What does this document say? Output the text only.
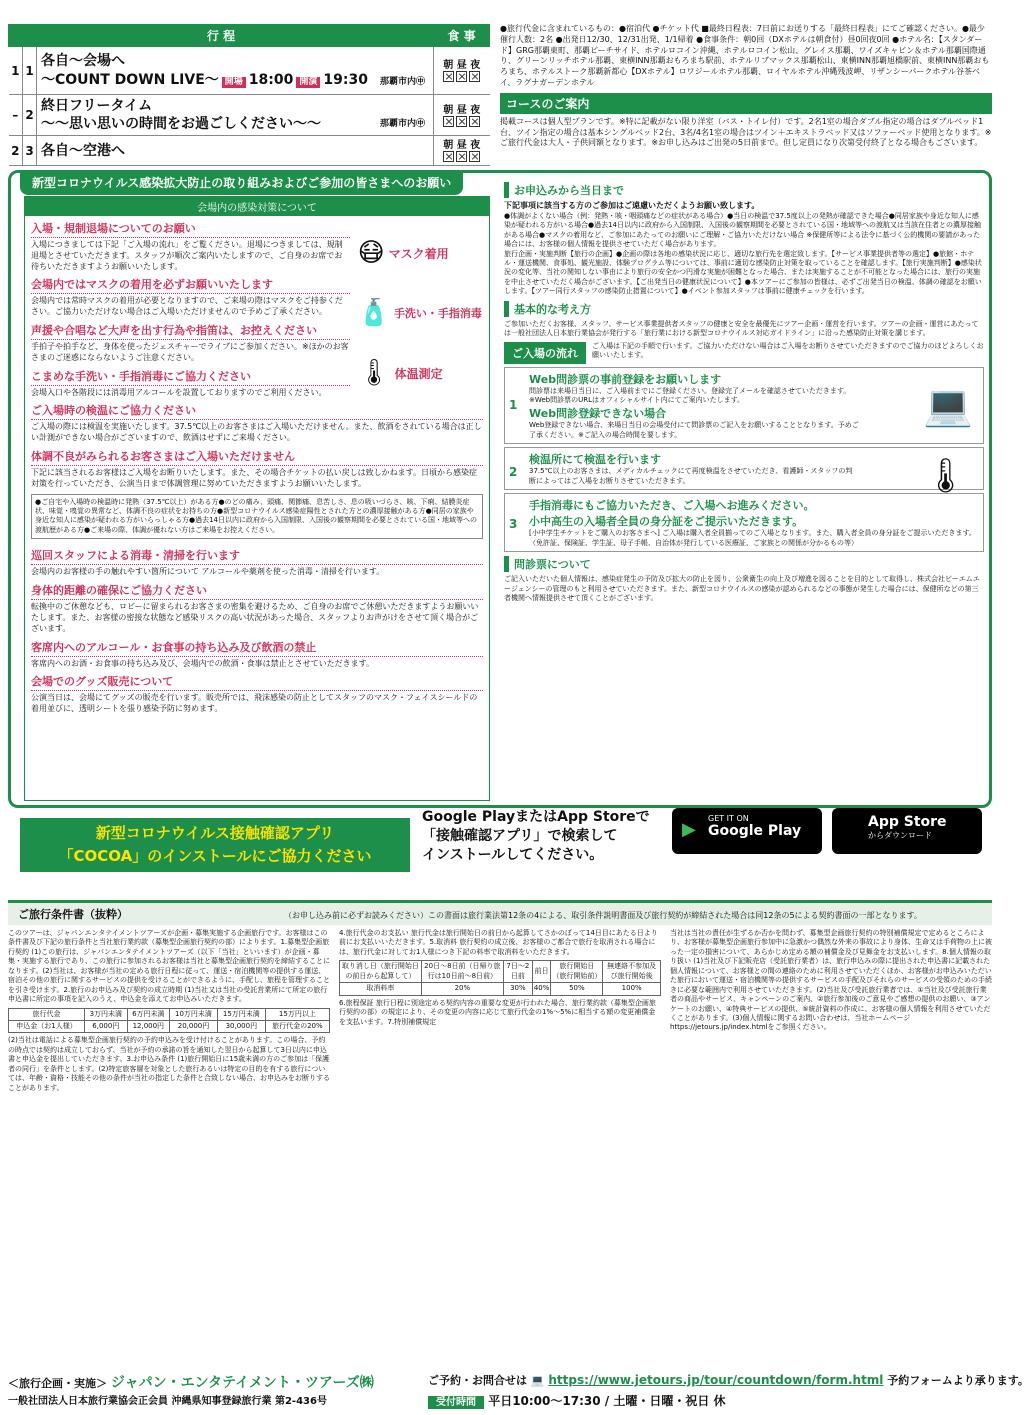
行 程			食 事
1	1	各自～会場へ
～COUNT DOWN LIVE～ 開場 18:00 開演 19:30 那覇市内㊥	朝 昼 夜

–	2	終日フリータイム
～～思い思いの時間をお過ごしください～～ 那覇市内㊥	朝 昼 夜

2	3	各自～空港へ	朝 昼 夜

●旅行代金に含まれているもの：●宿泊代 ●チケット代 ■最終日程表：7日前にお送りする「最終日程表」にてご確認ください。●最少催行人数：2名 ●出発日12/30、12/31出発、1/1帰着 ●食事条件：朝0回（DXホテルは朝食付）昼0回夜0回 ●ホテル名：【スタンダード】GRG那覇東町、那覇ビーチサイド、ホテルロコイン沖縄、ホテルロコイン松山、グレイス那覇、ワイズキャビン＆ホテル那覇国際通り、グリーンリッチホテル那覇、東横INN那覇おもろまち駅前、ホテルリブマックス那覇松山、東横INN那覇旭橋駅前、東横INN那覇おもろまち、ホテルストーク那覇新都心【DXホテル】ロワジールホテル那覇、ロイヤルホテル沖縄残波岬、リザンシーパークホテル谷茶ベイ、ラグナガーデンホテル

コースのご案内

掲載コースは個人型プランです。※特に記載がない限り洋室（バス・トイレ付）です。2名1室の場合ダブル指定の場合はダブルベッド1台、ツイン指定の場合は基本シングルベッド2台、3名/4名1室の場合はツイン＋エキストラベッド又はソファーベッド使用となります。※ご旅行代金は大人・子供同額となります。※お申し込みはご出発の5日前まで。但し定員になり次第受付終了となる場合もございます。

新型コロナウイルス感染拡大防止の取り組みおよびご参加の皆さまへのお願い
会場内の感染対策について
入場・規制退場についてのお願い

入場につきましては下記「ご入場の流れ」をご覧ください。退場につきましては、規制退場とさせていただきます。スタッフが順次ご案内いたしますので、ご自身のお席でお待ちいただきますようお願いいたします。

会場内ではマスクの着用を必ずお願いいたします

会場内では常時マスクの着用が必要となりますので、ご来場の際はマスクをご持参ください。ご協力いただけない場合はご入場いただけませんので予めご了承ください。

声援や合唱など大声を出す行為や指笛は、お控えください

手拍子や拍手など、身体を使ったジェスチャーでライブにご参加ください。※ほかのお客さまのご迷惑にならないようご注意ください。

こまめな手洗い・手指消毒にご協力ください

会場入口や各階段には消毒用アルコールを設置しておりますのでご利用ください。

😷 マスク着用
🧴 手洗い・手指消毒
🌡 体温測定
ご入場時の検温にご協力ください

ご入場の際には検温を実施いたします。37.5℃以上のお客さまはご入場いただけません。また、飲酒をされている場合は正しい計測ができない場合がございますので、飲酒はせずにご来場ください。

体調不良がみられるお客さまはご入場いただけません

下記に該当されるお客様はご入場をお断りいたします。また、その場合チケットの払い戻しは致しかねます。日頃から感染症対策を行っていただき、公演当日まで体調管理に努めていただきますようお願いいたします。

●ご自宅や入場時の検温時に発熱（37.5℃以上）がある方●のどの痛み、頭痛、関節痛、息苦しさ、息の吸いづらさ、咳、下痢、結膜炎症状、味覚・嗅覚の異常など、体調不良の症状をお持ちの方●新型コロナウイルス感染症陽性とされた方との濃厚接触がある方●同居の家族や身近な知人に感染が疑われる方がいらっしゃる方●過去14日以内に政府から入国制限、入国後の観察期間を必要とされている国・地域等への渡航歴がある方●ご来場の際、体調が優れない方はご来場をお控えください。
巡回スタッフによる消毒・清掃を行います

会場内のお客様の手の触れやすい箇所について アルコールや薬剤を使った消毒・清掃を行います。

身体的距離の確保にご協力ください

転換中のご休憩なども、ロビーに留まられるお客さまの密集を避けるため、ご自身のお席でご休憩いただきますようお願いいたします。また、お客様の密接な状態など感染リスクの高い状況があった場合、スタッフよりお声がけをさせて頂く場合がございます。

客席内へのアルコール・お食事の持ち込み及び飲酒の禁止

客席内へのお酒・お食事の持ち込み及び、会場内での飲酒・食事は禁止とさせていただきます。

会場でのグッズ販売について

公演当日は、会場にてグッズの販売を行います。販売所では、飛沫感染の防止としてスタッフのマスク・フェイスシールドの着用並びに、透明シートを張り感染予防に努めます。

お申込みから当日まで

下記事項に該当する方のご参加はご遠慮いただくようお願い致します。

●体調がよくない場合（例：発熱・咳・咽頭痛などの症状がある場合）●当日の検温で37.5度以上の発熱が確認できた場合●同居家族や身近な知人に感染が疑われる方がいる場合●過去14日以内に政府から入国制限、入国後の観察期間を必要とされている国・地域等への渡航又は当該在住者との濃厚接触がある場合●マスクの着用など、ご参加にあたってのお願いにご理解・ご協力いただけない場合 ※保健所等による法令に基づく公的機関の要請があった場合には、お客様の個人情報を提供させていただく場合があります。

旅行企画・実施判断【旅行の企画】●企画の際は各地の感染状況に応じ、適切な旅行先を選定致します。【サービス事業提供者等の選定】●旅館・ホテル・運送機関、食事処、観光施設、体験プログラム等については、事前に適切な感染防止対策を取っていることを確認します。【旅行実施判断】●感染状況の変化等、当社の関知しない事由により旅行の安全かつ円滑な実施が困難となった場合、または実施することが不可能となった場合には、旅行の実施を中止させていただく場合がございます。【ご出発当日の健康状況について】●本ツアーにご参加の皆様は、必ずご出発当日の検温、体調の確認をお願いします。【ツアー同行スタッフの感染防止措置について】●イベント参加スタッフは事前に健康チェックを行います。

基本的な考え方

ご参加いただくお客様、スタッフ、サービス事業提供者スタッフの健康と安全を最優先にツアー企画・運営を行います。ツアーの企画・運営にあたっては一般社団法人日本旅行業協会が発行する「旅行業における新型コロナウイルス対応ガイドライン」に沿った感染防止対策を講じます。

ご入場の流れ
ご入場は下記の手順で行います。ご協力いただけない場合はご入場をお断りさせていただきますのでご協力のほどよろしくお願いいたします。
1
Web問診票の事前登録をお願いします

問診票は来場日当日に、ご入場前までにご登録ください。登録完了メールを確認させていただきます。※Web問診票のURLはオフィシャルサイト内にてご案内いたします。

Web問診登録できない場合

Web登録できない場合、来場日当日の会場受付にて問診票のご記入をお願いすることとなります。予めご了承ください。※ご記入の場合時間を要します。

💻
2
検温所にて検温を行います

37.5℃以上のお客さまは、メディカルチェックにて再度検温をさせていただき、看護師・スタッフの判断によってはご入場をお断りさせていただきます。	🌡
3
手指消毒にもご協力いただき、ご入場へお進みください。
小中高生の入場者全員の身分証をご提示いただきます。

[小中学生チケットをご購入のお客さまへ] ご入場は購入者全員揃ってのご入場となります。また、購入者全員の身分証をご提示いただきます。（免許証、保険証、学生証、母子手帳、自治体が発行している医療証、ご家族との関係が分かるもの等）

問診票について

ご記入いただいた個人情報は、感染症発生の予防及び拡大の防止を図り、公衆衛生の向上及び増進を図ることを目的として取得し、株式会社ビーエムエージェンシーの管理のもと利用させていただきます。また、新型コロナウイルスの感染が認められるなどの事態が発生した場合には、保健所などの第三者機関へ情報提供させて頂くことがございます。

新型コロナウイルス接触確認アプリ
「COCOA」のインストールにご協力ください
Google PlayまたはApp Storeで
「接触確認アプリ」で検索して
インストールしてください。
▶
GET IT ON
Google Play
App Store
からダウンロード
ご旅行条件書（抜粋）	（お申し込み前に必ずお読みください）この書面は旅行業法第12条の4による、取引条件説明書面及び旅行契約が締結された場合は同12条の5による契約書面の一部となります。

このツアーは、ジャパンエンタテイメントツアーズが企画・募集実施する企画旅行です。お客様はこの条件書及び下記の旅行条件と当社旅行業約款（募集型企画旅行契約の部）によります。1.募集型企画旅行契約 (1)この旅行は、ジャパンエンタテイメントツアーズ（以下「当社」といいます）が企画・募集・実施する旅行であり、この旅行に参加されるお客様は当社と募集型企画旅行契約を締結することになります。(2)当社は、お客様が当社の定める旅行日程に従って、運送・宿泊機関等の提供する運送、宿泊その他の旅行に関するサービスの提供を受けることができるように、手配し、旅程を管理することを引き受けます。2.旅行のお申込み及び契約の成立時期 (1)当社又は当社の受託営業所にて所定の旅行申込書に所定の事項を記入のうえ、申込金を添えてお申込みいただきます。

旅行代金	3万円未満	6万円未満	10万円未満	15万円未満	15万円以上
申込金（お1人様）	6,000円	12,000円	20,000円	30,000円	旅行代金の20%

(2)当社は電話による募集型企画旅行契約の予約申込みを受け付けることがあります。この場合、予約の時点では契約は成立しておらず、当社が予約の承諾の旨を通知した翌日から起算して3日以内に申込書と申込金を提出していただきます。3.お申込み条件 (1)旅行開始日に15歳未満の方のご参加は「保護者の同行」を条件とします。(2)特定旅客層を対象とした旅行あるいは特定の目的を有する旅行については、年齢・資格・技能その他の条件が当社の指定した条件と合致しない場合、お申込みをお断りすることがあります。

4.旅行代金のお支払い 旅行代金は旅行開始日の前日から起算してさかのぼって14日目にあたる日より前にお支払いいただきます。5.取消料 旅行契約の成立後、お客様のご都合で旅行を取消される場合には、旅行代金に対してお1人様につき下記の料率で取消料をいただきます。

取り消し日（旅行開始日の前日から起算して）	20日〜8日前（日帰り旅行は10日前〜8日前）	7日〜2日前	前日	旅行開始日（旅行開始前）	無連絡不参加及び旅行開始後
取消料率	20%	30%	40%	50%	100%

6.旅程保証 旅行日程に別途定める契約内容の重要な変更が行われた場合、旅行業約款（募集型企画旅行契約の部）の規定により、その変更の内容に応じて旅行代金の1%〜5%に相当する額の変更補償金を支払います。7.特別補償規定

当社は当社の責任が生ずるか否かを問わず、募集型企画旅行契約の特別補償規定で定めるところにより、お客様が募集型企画旅行参加中に急激かつ偶然な外来の事故により身体、生命又は手荷物の上に被った一定の損害について、あらかじめ定める額の補償金及び見舞金をお支払いします。8.個人情報の取り扱い (1)当社及び下記販売店（受託旅行業者）は、旅行申込みの際に提出された申込書に記載された個人情報について、お客様との間の連絡のために利用させていただくほか、お客様がお申込みいただいた旅行において運送・宿泊機関等の提供するサービスの手配及びそれらのサービスの受領のための手続きに必要な範囲内で利用させていただきます。(2)当社及び受託旅行業者では、①当社及び受託旅行業者の商品やサービス、キャンペーンのご案内、②旅行参加後のご意見やご感想の提供のお願い、③アンケートのお願い、④特典サービスの提供、⑤統計資料の作成に、お客様の個人情報を利用させていただくことがあります。(3)個人情報に関するお問い合わせは、当社ホームページhttps://jetours.jp/index.htmlをご参照ください。

＜旅行企画・実施＞ ジャパン・エンタテイメント・ツアーズ㈱
一般社団法人日本旅行業協会正会員 沖縄県知事登録旅行業 第2-436号
ご予約・お問合せは 💻 https://www.jetours.jp/tour/countdown/form.html 予約フォームより承ります。
受付時間 平日10:00～17:30 / 土曜・日曜・祝日 休
